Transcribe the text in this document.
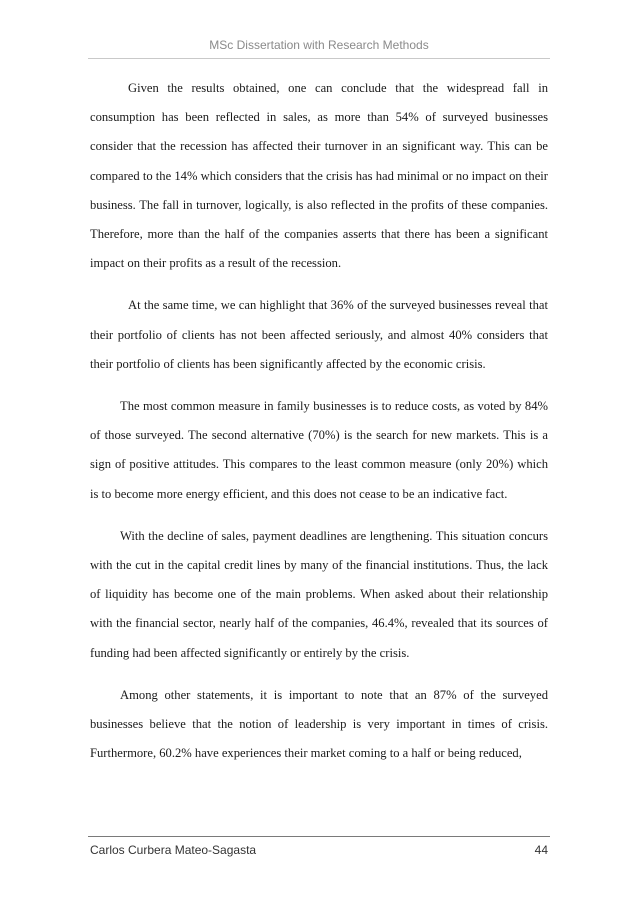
MSc Dissertation with Research Methods

Given the results obtained, one can conclude that the widespread fall in consumption has been reflected in sales, as more than 54% of surveyed businesses consider that the recession has affected their turnover in an significant way. This can be compared to the 14% which considers that the crisis has had minimal or no impact on their business. The fall in turnover, logically, is also reflected in the profits of these companies. Therefore, more than the half of the companies asserts that there has been a significant impact on their profits as a result of the recession.

At the same time, we can highlight that 36% of the surveyed businesses reveal that their portfolio of clients has not been affected seriously, and almost 40% considers that their portfolio of clients has been significantly affected by the economic crisis.

The most common measure in family businesses is to reduce costs, as voted by 84% of those surveyed. The second alternative (70%) is the search for new markets. This is a sign of positive attitudes. This compares to the least common measure (only 20%) which is to become more energy efficient, and this does not cease to be an indicative fact.

With the decline of sales, payment deadlines are lengthening. This situation concurs with the cut in the capital credit lines by many of the financial institutions. Thus, the lack of liquidity has become one of the main problems. When asked about their relationship with the financial sector, nearly half of the companies, 46.4%, revealed that its sources of funding had been affected significantly or entirely by the crisis.

Among other statements, it is important to note that an 87% of the surveyed businesses believe that the notion of leadership is very important in times of crisis. Furthermore, 60.2% have experiences their market coming to a half or being reduced,

Carlos Curbera Mateo-Sagasta	44
